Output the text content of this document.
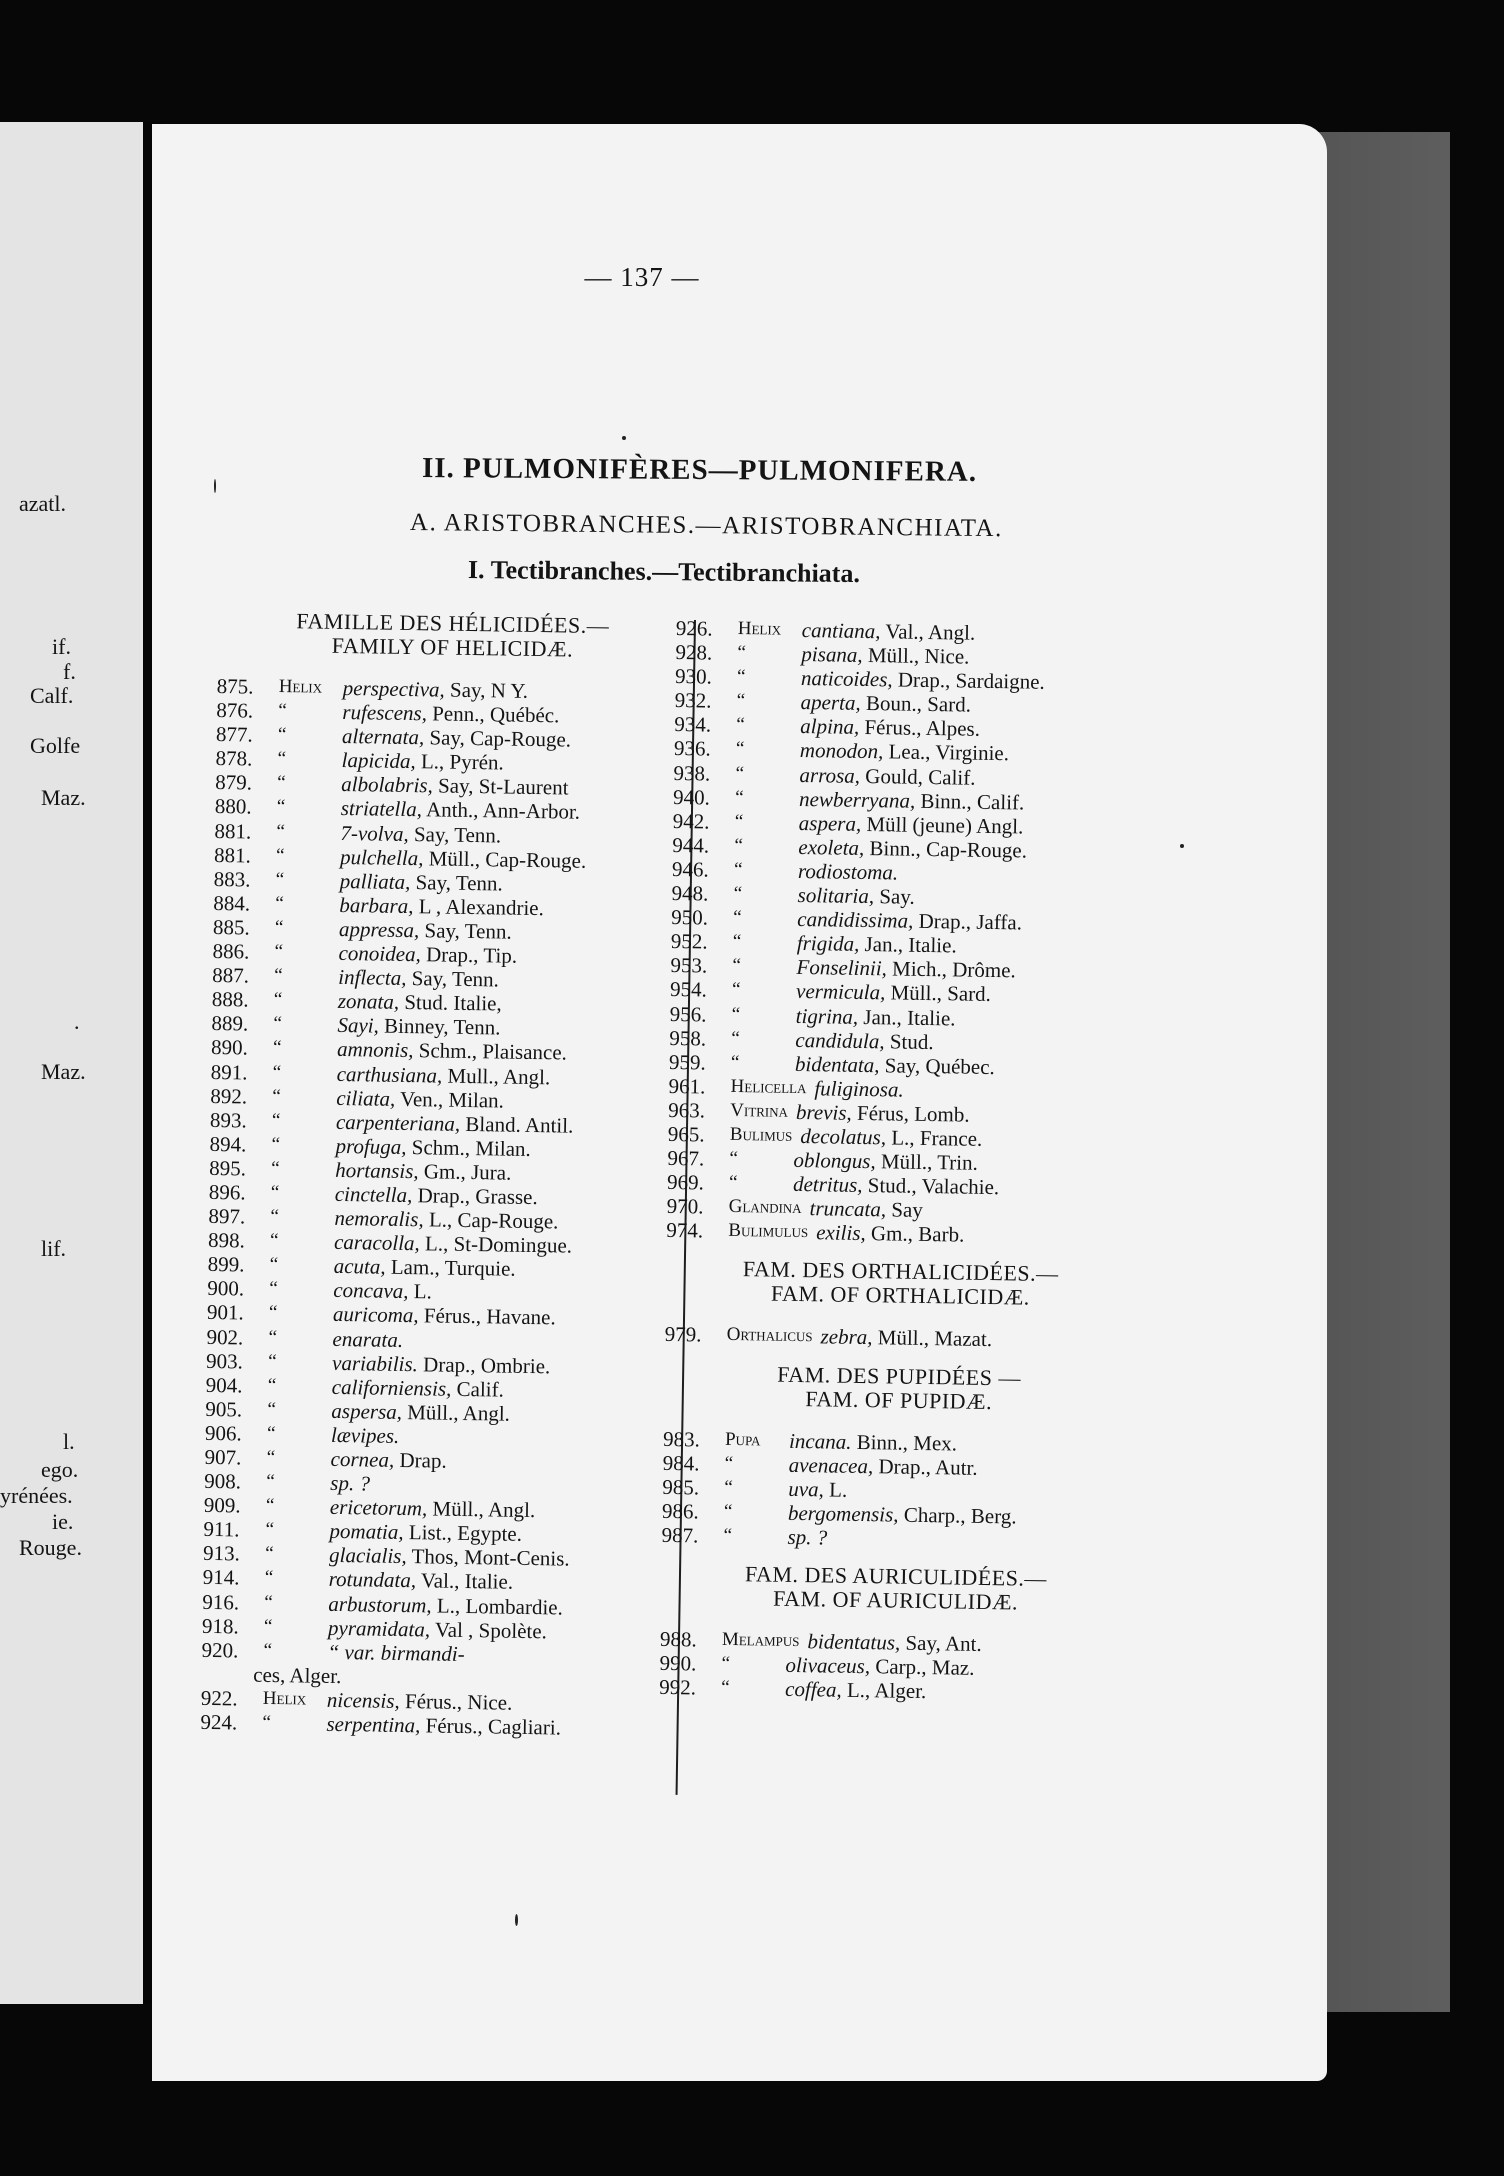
azatl.
if.
f.
Calf.
Golfe
Maz.
.
Maz.
lif.
l.
ego.
yrénées.
ie.
Rouge.
— 137 —
II. PULMONIFÈRES—PULMONIFERA.
A. ARISTOBRANCHES.—ARISTOBRANCHIATA.
I. Tectibranches.—Tectibranchiata.
FAMILLE DES HÉLICIDÉES.—
FAMILY OF HELICIDÆ.
875.	Helix perspectiva, Say, N Y.
876.	“	rufescens, Penn., Québéc.
877.	“	alternata, Say, Cap-Rouge.
878.	“	lapicida, L., Pyrén.
879.	“	albolabris, Say, St-Laurent
880.	“	striatella, Anth., Ann-Arbor.
881.	“	7-volva, Say, Tenn.
881.	“	pulchella, Müll., Cap-Rouge.
883.	“	palliata, Say, Tenn.
884.	“	barbara, L , Alexandrie.
885.	“	appressa, Say, Tenn.
886.	“	conoidea, Drap., Tip.
887.	“	inflecta, Say, Tenn.
888.	“	zonata, Stud. Italie,
889.	“	Sayi, Binney, Tenn.
890.	“	amnonis, Schm., Plaisance.
891.	“	carthusiana, Mull., Angl.
892.	“	ciliata, Ven., Milan.
893.	“	carpenteriana, Bland. Antil.
894.	“	profuga, Schm., Milan.
895.	“	hortansis, Gm., Jura.
896.	“	cinctella, Drap., Grasse.
897.	“	nemoralis, L., Cap-Rouge.
898.	“	caracolla, L., St-Domingue.
899.	“	acuta, Lam., Turquie.
900.	“	concava, L.
901.	“	auricoma, Férus., Havane.
902.	“	enarata.
903.	“	variabilis. Drap., Ombrie.
904.	“	californiensis, Calif.
905.	“	aspersa, Müll., Angl.
906.	“	lævipes.
907.	“	cornea, Drap.
908.	“	sp. ?
909.	“	ericetorum, Müll., Angl.
911.	“	pomatia, List., Egypte.
913.	“	glacialis, Thos, Mont-Cenis.
914.	“	rotundata, Val., Italie.
916.	“	arbustorum, L., Lombardie.
918.	“	pyramidata, Val , Spolète.
920.	“	“ var. birmandi-
ces, Alger.
922.	Helix nicensis, Férus., Nice.
924.	“	serpentina, Férus., Cagliari.
926.	Helix cantiana, Val., Angl.
928.	“	pisana, Müll., Nice.
930.	“	naticoides, Drap., Sardaigne.
932.	“	aperta, Boun., Sard.
934.	“	alpina, Férus., Alpes.
936.	“	monodon, Lea., Virginie.
938.	“	arrosa, Gould, Calif.
940.	“	newberryana, Binn., Calif.
942.	“	aspera, Müll (jeune) Angl.
944.	“	exoleta, Binn., Cap-Rouge.
946.	“	rodiostoma.
948.	“	solitaria, Say.
950.	“	candidissima, Drap., Jaffa.
952.	“	frigida, Jan., Italie.
953.	“	Fonselinii, Mich., Drôme.
954.	“	vermicula, Müll., Sard.
956.	“	tigrina, Jan., Italie.
958.	“	candidula, Stud.
959.	“	bidentata, Say, Québec.
961.	Helicella fuliginosa.
963.	Vitrina brevis, Férus, Lomb.
965.	Bulimus decolatus, L., France.
967.	“	oblongus, Müll., Trin.
969.	“	detritus, Stud., Valachie.
970.	Glandina truncata, Say
974.	Bulimulus exilis, Gm., Barb.
FAM. DES ORTHALICIDÉES.—
FAM. OF ORTHALICIDÆ.
979.	Orthalicus zebra, Müll., Mazat.
FAM. DES PUPIDÉES —
FAM. OF PUPIDÆ.
983.	Pupa	incana. Binn., Mex.
984.	“	avenacea, Drap., Autr.
985.	“	uva, L.
986.	“	bergomensis, Charp., Berg.
987.	“	sp. ?
FAM. DES AURICULIDÉES.—
FAM. OF AURICULIDÆ.
988.	Melampus bidentatus, Say, Ant.
990.	“	olivaceus, Carp., Maz.
992.	“	coffea, L., Alger.
